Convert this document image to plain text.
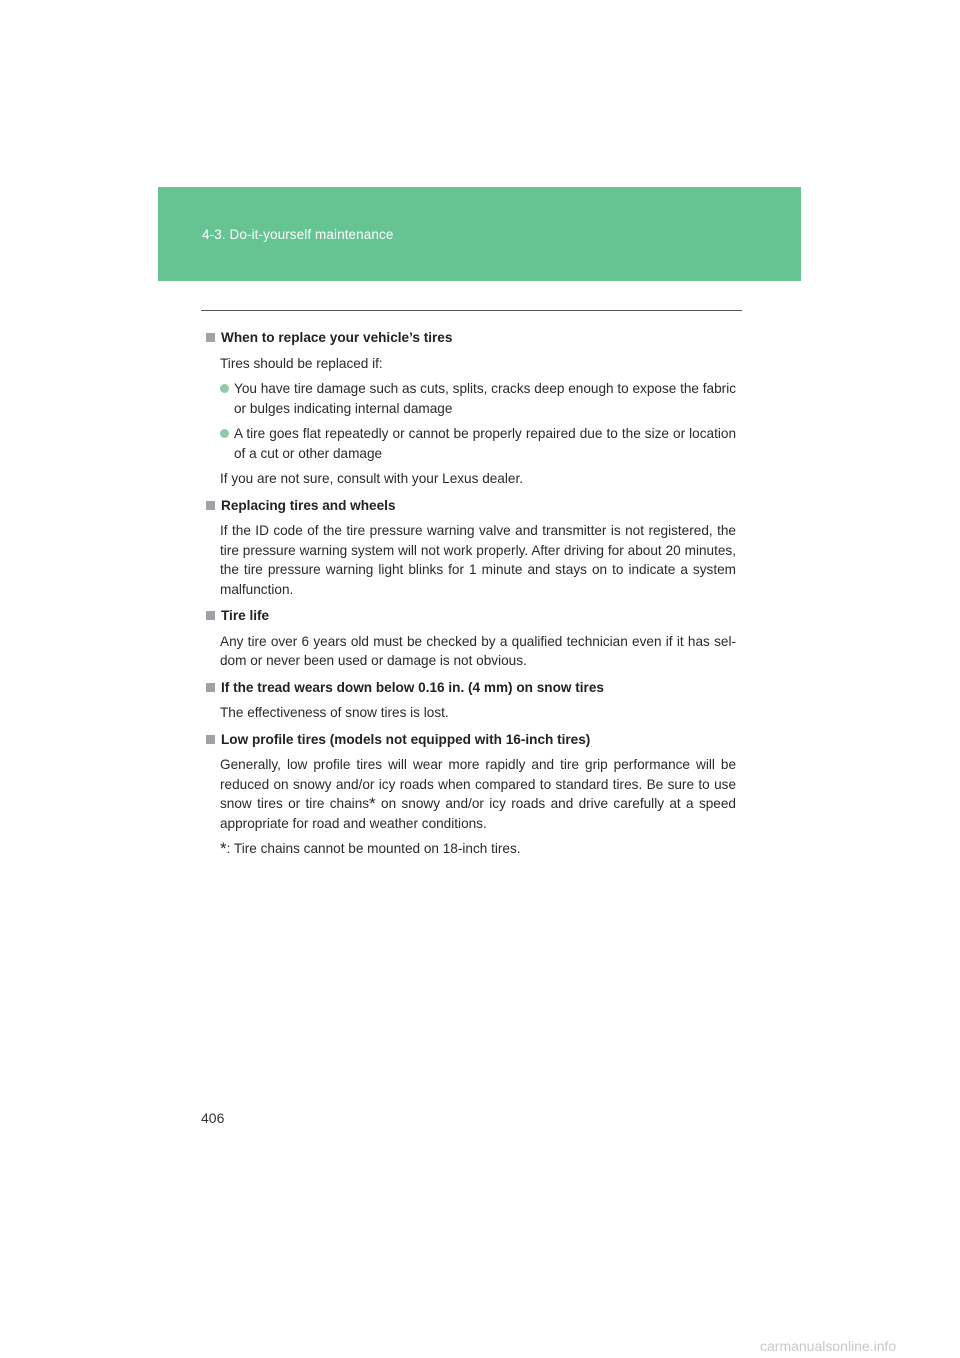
4-3. Do-it-yourself maintenance
When to replace your vehicle’s tires

Tires should be replaced if:

You have tire damage such as cuts, splits, cracks deep enough to expose the fabric or bulges indicating internal damage
A tire goes flat repeatedly or cannot be properly repaired due to the size or location of a cut or other damage

If you are not sure, consult with your Lexus dealer.

Replacing tires and wheels

If the ID code of the tire pressure warning valve and transmitter is not registered, the tire pressure warning system will not work properly. After driving for about 20 minutes, the tire pressure warning light blinks for 1 minute and stays on to indicate a system malfunction.

Tire life

Any tire over 6 years old must be checked by a qualified technician even if it has sel-dom or never been used or damage is not obvious.

If the tread wears down below 0.16 in. (4 mm) on snow tires

The effectiveness of snow tires is lost.

Low profile tires (models not equipped with 16-inch tires)

Generally, low profile tires will wear more rapidly and tire grip performance will be reduced on snowy and/or icy roads when compared to standard tires. Be sure to use snow tires or tire chains* on snowy and/or icy roads and drive carefully at a speed appropriate for road and weather conditions.

*: Tire chains cannot be mounted on 18-inch tires.

406
carmanualsonline.info
